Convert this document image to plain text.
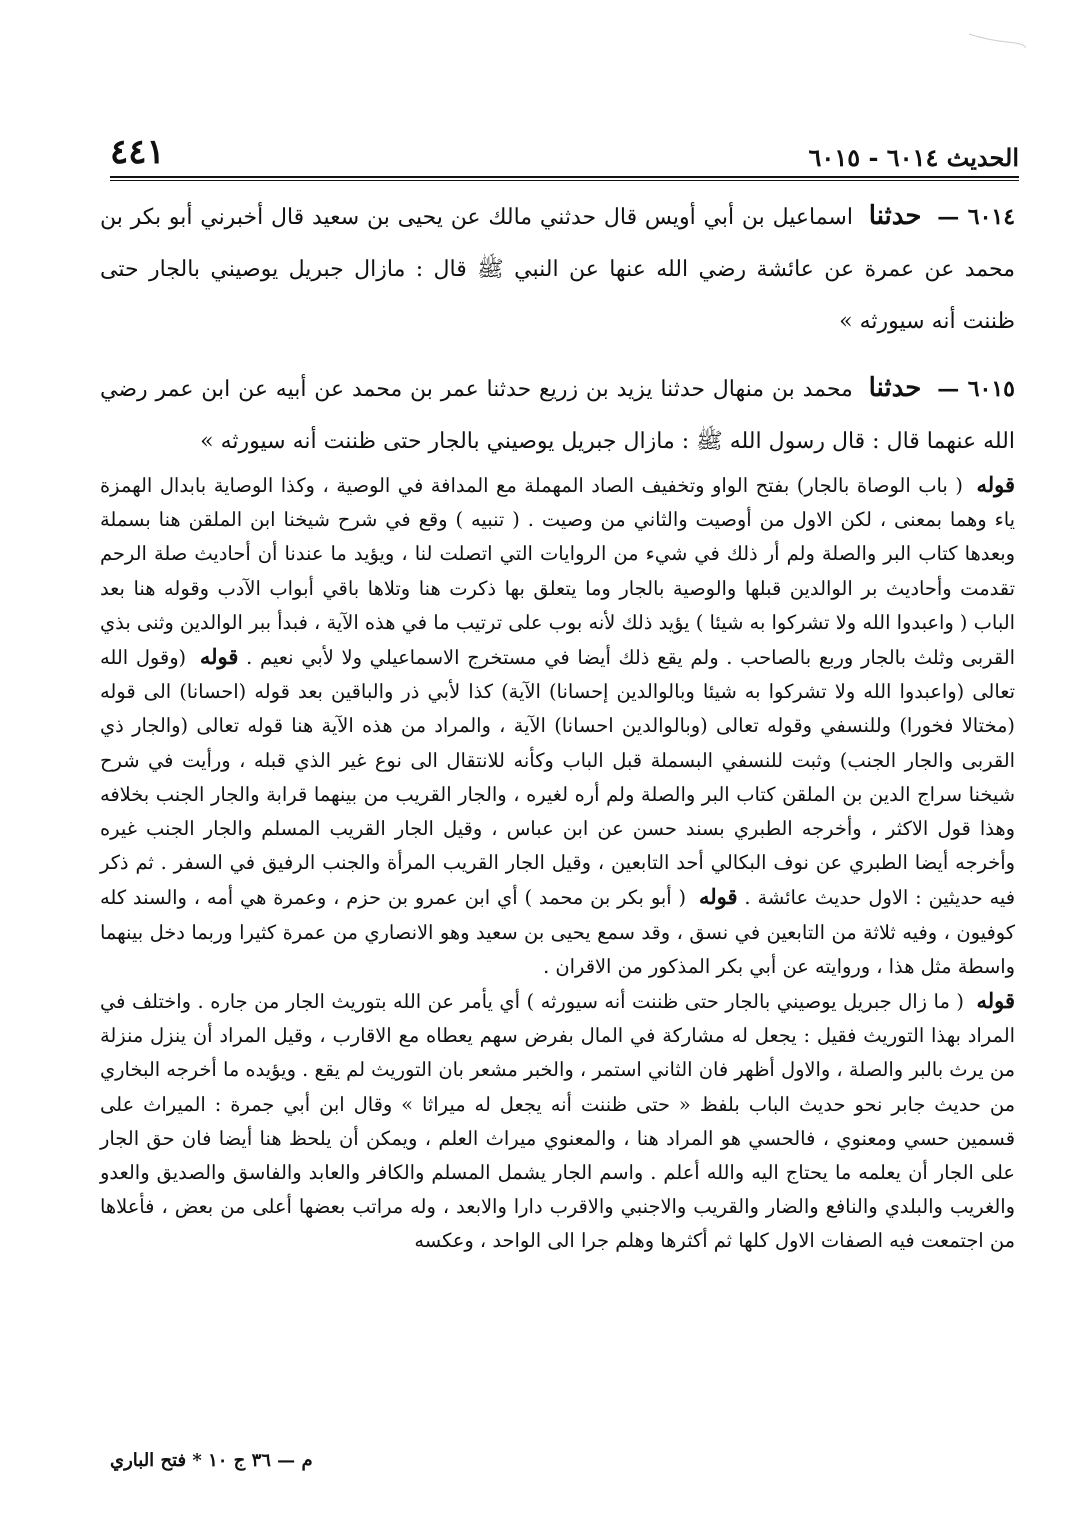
٤٤١	الحديث ٦٠١٤ - ٦٠١٥
٦٠١٤ — حدثنا اسماعيل بن أبي أويس قال حدثني مالك عن يحيى بن سعيد قال أخبرني أبو بكر بن محمد عن عمرة عن عائشة رضي الله عنها عن النبي ﷺ قال : مازال جبريل يوصيني بالجار حتى ظننت أنه سيورثه »
٦٠١٥ — حدثنا محمد بن منهال حدثنا يزيد بن زريع حدثنا عمر بن محمد عن أبيه عن ابن عمر رضي الله عنهما قال : قال رسول الله ﷺ : مازال جبريل يوصيني بالجار حتى ظننت أنه سيورثه »
قوله ( باب الوصاة بالجار) بفتح الواو وتخفيف الصاد المهملة مع المدافة في الوصية ، وكذا الوصاية بابدال الهمزة ياء وهما بمعنى ، لكن الاول من أوصيت والثاني من وصيت . ( تنبيه ) وقع في شرح شيخنا ابن الملقن هنا بسملة وبعدها كتاب البر والصلة ولم أر ذلك في شيء من الروايات التي اتصلت لنا ، ويؤيد ما عندنا أن أحاديث صلة الرحم تقدمت وأحاديث بر الوالدين قبلها والوصية بالجار وما يتعلق بها ذكرت هنا وتلاها باقي أبواب الآدب وقوله هنا بعد الباب ( واعبدوا الله ولا تشركوا به شيئا ) يؤيد ذلك لأنه بوب على ترتيب ما في هذه الآية ، فبدأ ببر الوالدين وثنى بذي القربى وثلث بالجار وربع بالصاحب . ولم يقع ذلك أيضا في مستخرج الاسماعيلي ولا لأبي نعيم . قوله (وقول الله تعالى (واعبدوا الله ولا تشركوا به شيئا وبالوالدين إحسانا) الآية) كذا لأبي ذر والباقين بعد قوله (احسانا) الى قوله (مختالا فخورا) وللنسفي وقوله تعالى (وبالوالدين احسانا) الآية ، والمراد من هذه الآية هنا قوله تعالى (والجار ذي القربى والجار الجنب) وثبت للنسفي البسملة قبل الباب وكأنه للانتقال الى نوع غير الذي قبله ، ورأيت في شرح شيخنا سراج الدين بن الملقن كتاب البر والصلة ولم أره لغيره ، والجار القريب من بينهما قرابة والجار الجنب بخلافه وهذا قول الاكثر ، وأخرجه الطبري بسند حسن عن ابن عباس ، وقيل الجار القريب المسلم والجار الجنب غيره وأخرجه أيضا الطبري عن نوف البكالي أحد التابعين ، وقيل الجار القريب المرأة والجنب الرفيق في السفر . ثم ذكر فيه حديثين : الاول حديث عائشة . قوله ( أبو بكر بن محمد ) أي ابن عمرو بن حزم ، وعمرة هي أمه ، والسند كله كوفيون ، وفيه ثلاثة من التابعين في نسق ، وقد سمع يحيى بن سعيد وهو الانصاري من عمرة كثيرا وربما دخل بينهما واسطة مثل هذا ، وروايته عن أبي بكر المذكور من الاقران .
قوله ( ما زال جبريل يوصيني بالجار حتى ظننت أنه سيورثه ) أي يأمر عن الله بتوريث الجار من جاره . واختلف في المراد بهذا التوريث فقيل : يجعل له مشاركة في المال بفرض سهم يعطاه مع الاقارب ، وقيل المراد أن ينزل منزلة من يرث بالبر والصلة ، والاول أظهر فان الثاني استمر ، والخبر مشعر بان التوريث لم يقع . ويؤيده ما أخرجه البخاري من حديث جابر نحو حديث الباب بلفظ « حتى ظننت أنه يجعل له ميراثا » وقال ابن أبي جمرة : الميراث على قسمين حسي ومعنوي ، فالحسي هو المراد هنا ، والمعنوي ميراث العلم ، ويمكن أن يلحظ هنا أيضا فان حق الجار على الجار أن يعلمه ما يحتاج اليه والله أعلم . واسم الجار يشمل المسلم والكافر والعابد والفاسق والصديق والعدو والغريب والبلدي والنافع والضار والقريب والاجنبي والاقرب دارا والابعد ، وله مراتب بعضها أعلى من بعض ، فأعلاها من اجتمعت فيه الصفات الاول كلها ثم أكثرها وهلم جرا الى الواحد ، وعكسه
م — ٣٦ ج ١٠ * فتح الباري
